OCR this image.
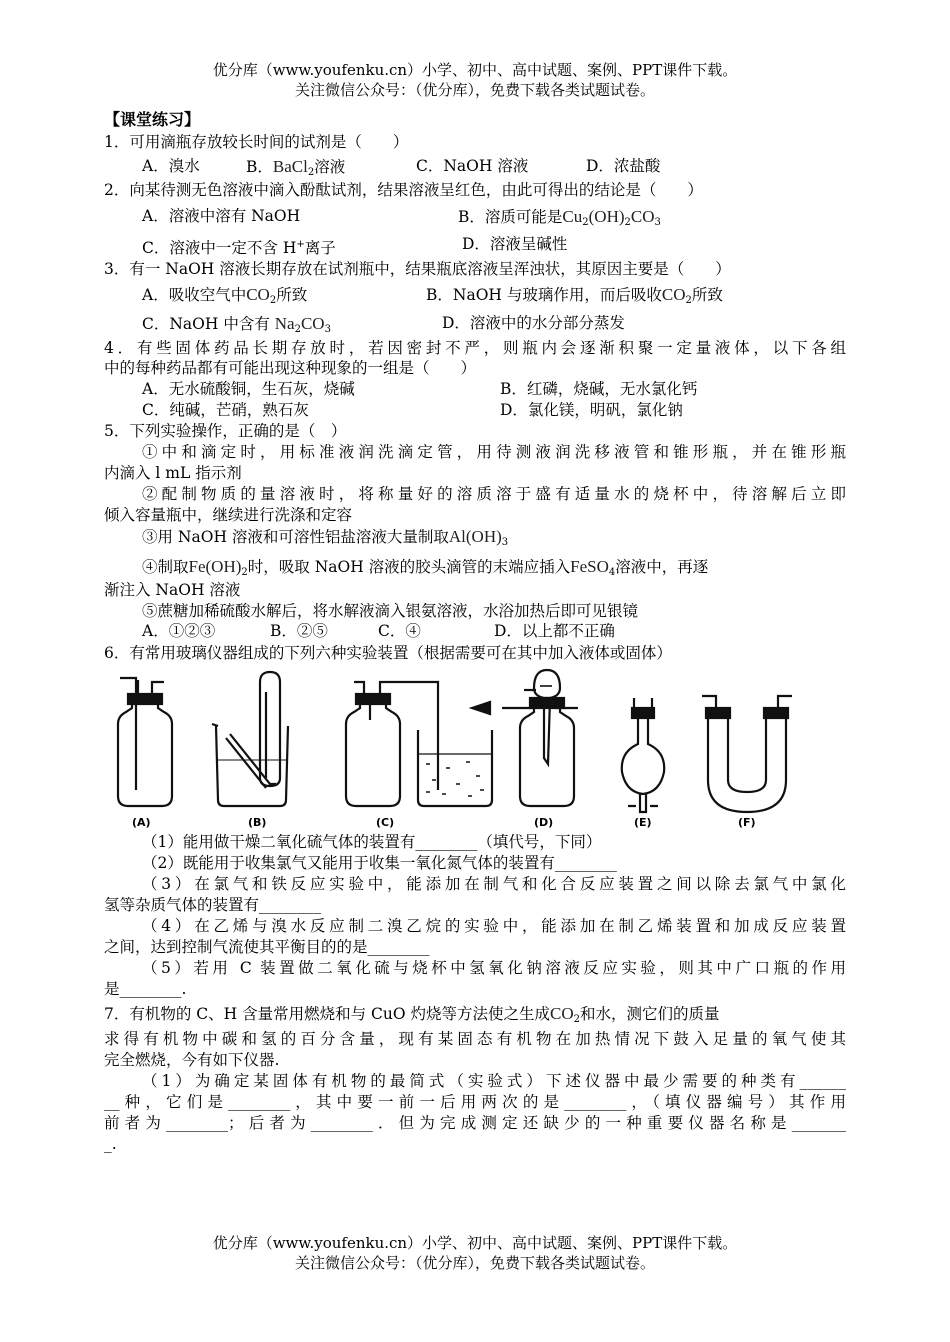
优分库（www.youfenku.cn）小学、初中、高中试题、案例、PPT课件下载。
关注微信公众号：（优分库），免费下载各类试题试卷。
【课堂练习】
1．可用滴瓶存放较长时间的试剂是（　　）
A．溴水	B．BaCl$_2$溶液	C．NaOH 溶液	D．浓盐酸
2．向某待测无色溶液中滴入酚酞试剂，结果溶液呈红色，由此可得出的结论是（　　）
A．溶液中溶有 NaOH	B．溶质可能是$Cu_2(OH)_2CO_3$
C．溶液中一定不含 H+离子	D．溶液呈碱性
3．有一 NaOH 溶液长期存放在试剂瓶中，结果瓶底溶液呈浑浊状，其原因主要是（　　）
A．吸收空气中$CO_2$所致	B．NaOH 与玻璃作用，而后吸收$CO_2$所致
C．NaOH 中含有 $Na_2CO_3$	D．溶液中的水分部分蒸发
4．有些固体药品长期存放时，若因密封不严，则瓶内会逐渐积聚一定量液体，以下各组
中的每种药品都有可能出现这种现象的一组是（　　）
A．无水硫酸铜，生石灰，烧碱	B．红磷，烧碱，无水氯化钙
C．纯碱，芒硝，熟石灰	D．氯化镁，明矾，氯化钠
5．下列实验操作，正确的是（　）
①中和滴定时，用标准液润洗滴定管，用待测液润洗移液管和锥形瓶，并在锥形瓶
内滴入 l mL 指示剂
②配制物质的量溶液时，将称量好的溶质溶于盛有适量水的烧杯中，待溶解后立即
倾入容量瓶中，继续进行洗涤和定容
③用 NaOH 溶液和可溶性铝盐溶液大量制取$Al(OH)_3$
④制取$Fe(OH)_2$时，吸取 NaOH 溶液的胶头滴管的末端应插入FeSO$_4$溶液中，再逐
渐注入 NaOH 溶液
⑤蔗糖加稀硫酸水解后，将水解液滴入银氨溶液，水浴加热后即可见银镜
A．①②③	B．②⑤	C．④	D．以上都不正确
6．有常用玻璃仪器组成的下列六种实验装置（根据需要可在其中加入液体或固体）
(A)	(B)	(C)	(D)	(E)	(F)
（1）能用做干燥二氧化硫气体的装置有________（填代号，下同）
（2）既能用于收集氯气又能用于收集一氧化氮气体的装置有________
（3）在氯气和铁反应实验中，能添加在制气和化合反应装置之间以除去氯气中氯化
氢等杂质气体的装置有________
（4）在乙烯与溴水反应制二溴乙烷的实验中，能添加在制乙烯装置和加成反应装置
之间，达到控制气流使其平衡目的的是________
（5）若用 C 装置做二氧化硫与烧杯中氢氧化钠溶液反应实验，则其中广口瓶的作用
是________.
7．有机物的 C、H 含量常用燃烧和与 CuO 灼烧等方法使之生成$CO_2$和水，测它们的质量
求得有机物中碳和氢的百分含量，现有某固态有机物在加热情况下鼓入足量的氧气使其
完全燃烧，今有如下仪器.
（1）为确定某固体有机物的最简式（实验式）下述仪器中最少需要的种类有______
__种，它们是________，其中要一前一后用两次的是________，（填仪器编号）其作用
前者为________；后者为________．但为完成测定还缺少的一种重要仪器名称是_______
_.
优分库（www.youfenku.cn）小学、初中、高中试题、案例、PPT课件下载。
关注微信公众号：（优分库），免费下载各类试题试卷。
